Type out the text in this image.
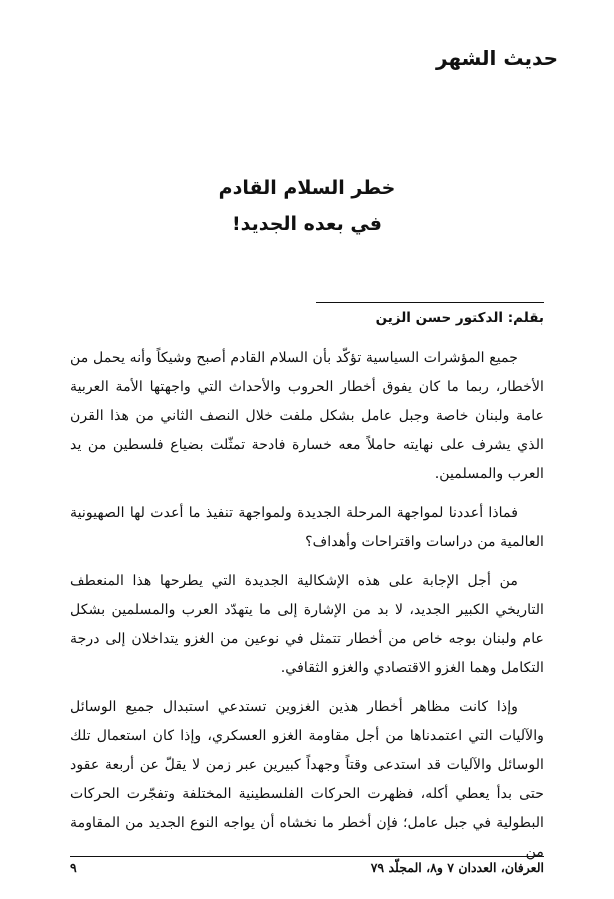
حديث الشهر
خطر السلام القادم
في بعده الجديد!
بقلم: الدكتور حسن الزين

جميع المؤشرات السياسية تؤكّد بأن السلام القادم أصبح وشيكاً وأنه يحمل من الأخطار، ربما ما كان يفوق أخطار الحروب والأحداث التي واجهتها الأمة العربية عامة ولبنان خاصة وجبل عامل بشكل ملفت خلال النصف الثاني من هذا القرن الذي يشرف على نهايته حاملاً معه خسارة فادحة تمثّلت بضياع فلسطين من يد العرب والمسلمين.

فماذا أعددنا لمواجهة المرحلة الجديدة ولمواجهة تنفيذ ما أعدت لها الصهيونية العالمية من دراسات واقتراحات وأهداف؟

من أجل الإجابة على هذه الإشكالية الجديدة التي يطرحها هذا المنعطف التاريخي الكبير الجديد، لا بد من الإشارة إلى ما يتهدّد العرب والمسلمين بشكل عام ولبنان بوجه خاص من أخطار تتمثل في نوعين من الغزو يتداخلان إلى درجة التكامل وهما الغزو الاقتصادي والغزو الثقافي.

وإذا كانت مظاهر أخطار هذين الغزوين تستدعي استبدال جميع الوسائل والآليات التي اعتمدناها من أجل مقاومة الغزو العسكري، وإذا كان استعمال تلك الوسائل والآليات قد استدعى وقتاً وجهداً كبيرين عبر زمن لا يقلّ عن أربعة عقود حتى بدأ يعطي أكله، فظهرت الحركات الفلسطينية المختلفة وتفجّرت الحركات البطولية في جبل عامل؛ فإن أخطر ما نخشاه أن يواجه النوع الجديد من المقاومة من

العرفان، العددان ٧ و٨، المجلّد ٧٩
٩
